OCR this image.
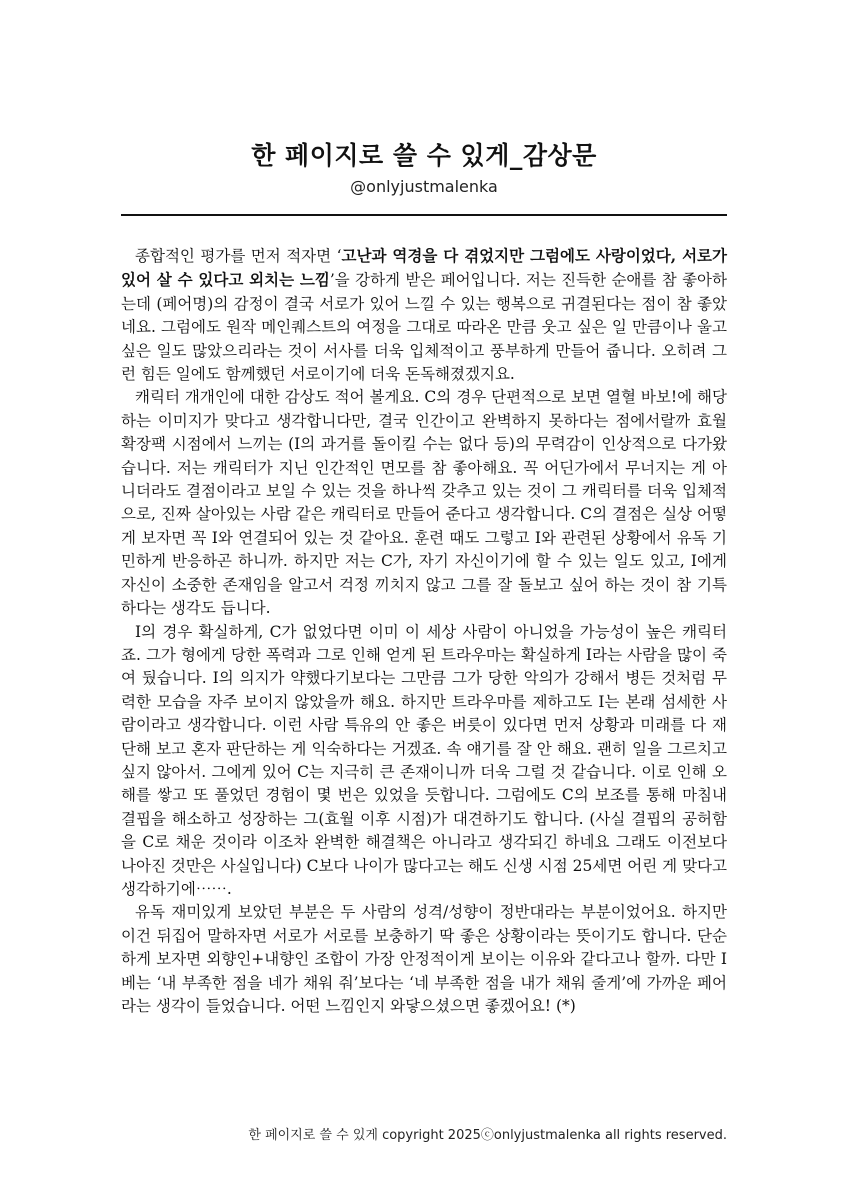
한 페이지로 쓸 수 있게_감상문
@onlyjustmalenka

종합적인 평가를 먼저 적자면 ‘고난과 역경을 다 겪었지만 그럼에도 사랑이었다, 서로가 있어 살 수 있다고 외치는 느낌’을 강하게 받은 페어입니다. 저는 진득한 순애를 참 좋아하는데 (페어명)의 감정이 결국 서로가 있어 느낄 수 있는 행복으로 귀결된다는 점이 참 좋았네요. 그럼에도 원작 메인퀘스트의 여정을 그대로 따라온 만큼 웃고 싶은 일 만큼이나 울고 싶은 일도 많았으리라는 것이 서사를 더욱 입체적이고 풍부하게 만들어 줍니다. 오히려 그런 힘든 일에도 함께했던 서로이기에 더욱 돈독해졌겠지요.

캐릭터 개개인에 대한 감상도 적어 볼게요. C의 경우 단편적으로 보면 열혈 바보!에 해당하는 이미지가 맞다고 생각합니다만, 결국 인간이고 완벽하지 못하다는 점에서랄까 효월 확장팩 시점에서 느끼는 (I의 과거를 돌이킬 수는 없다 등)의 무력감이 인상적으로 다가왔습니다. 저는 캐릭터가 지닌 인간적인 면모를 참 좋아해요. 꼭 어딘가에서 무너지는 게 아니더라도 결점이라고 보일 수 있는 것을 하나씩 갖추고 있는 것이 그 캐릭터를 더욱 입체적으로, 진짜 살아있는 사람 같은 캐릭터로 만들어 준다고 생각합니다. C의 결점은 실상 어떻게 보자면 꼭 I와 연결되어 있는 것 같아요. 훈련 때도 그렇고 I와 관련된 상황에서 유독 기민하게 반응하곤 하니까. 하지만 저는 C가, 자기 자신이기에 할 수 있는 일도 있고, I에게 자신이 소중한 존재임을 알고서 걱정 끼치지 않고 그를 잘 돌보고 싶어 하는 것이 참 기특하다는 생각도 듭니다.

I의 경우 확실하게, C가 없었다면 이미 이 세상 사람이 아니었을 가능성이 높은 캐릭터죠. 그가 형에게 당한 폭력과 그로 인해 얻게 된 트라우마는 확실하게 I라는 사람을 많이 죽여 뒀습니다. I의 의지가 약했다기보다는 그만큼 그가 당한 악의가 강해서 병든 것처럼 무력한 모습을 자주 보이지 않았을까 해요. 하지만 트라우마를 제하고도 I는 본래 섬세한 사람이라고 생각합니다. 이런 사람 특유의 안 좋은 버릇이 있다면 먼저 상황과 미래를 다 재단해 보고 혼자 판단하는 게 익숙하다는 거겠죠. 속 얘기를 잘 안 해요. 괜히 일을 그르치고 싶지 않아서. 그에게 있어 C는 지극히 큰 존재이니까 더욱 그럴 것 같습니다. 이로 인해 오해를 쌓고 또 풀었던 경험이 몇 번은 있었을 듯합니다. 그럼에도 C의 보조를 통해 마침내 결핍을 해소하고 성장하는 그(효월 이후 시점)가 대견하기도 합니다. (사실 결핍의 공허함을 C로 채운 것이라 이조차 완벽한 해결책은 아니라고 생각되긴 하네요 그래도 이전보다 나아진 것만은 사실입니다) C보다 나이가 많다고는 해도 신생 시점 25세면 어린 게 맞다고 생각하기에⋯⋯.

유독 재미있게 보았던 부분은 두 사람의 성격/성향이 정반대라는 부분이었어요. 하지만 이건 뒤집어 말하자면 서로가 서로를 보충하기 딱 좋은 상황이라는 뜻이기도 합니다. 단순하게 보자면 외향인+내향인 조합이 가장 안정적이게 보이는 이유와 같다고나 할까. 다만 I베는 ‘내 부족한 점을 네가 채워 줘’보다는 ‘네 부족한 점을 내가 채워 줄게’에 가까운 페어라는 생각이 들었습니다. 어떤 느낌인지 와닿으셨으면 좋겠어요! (*)

한 페이지로 쓸 수 있게 copyright 2025ⓒonlyjustmalenka all rights reserved.
